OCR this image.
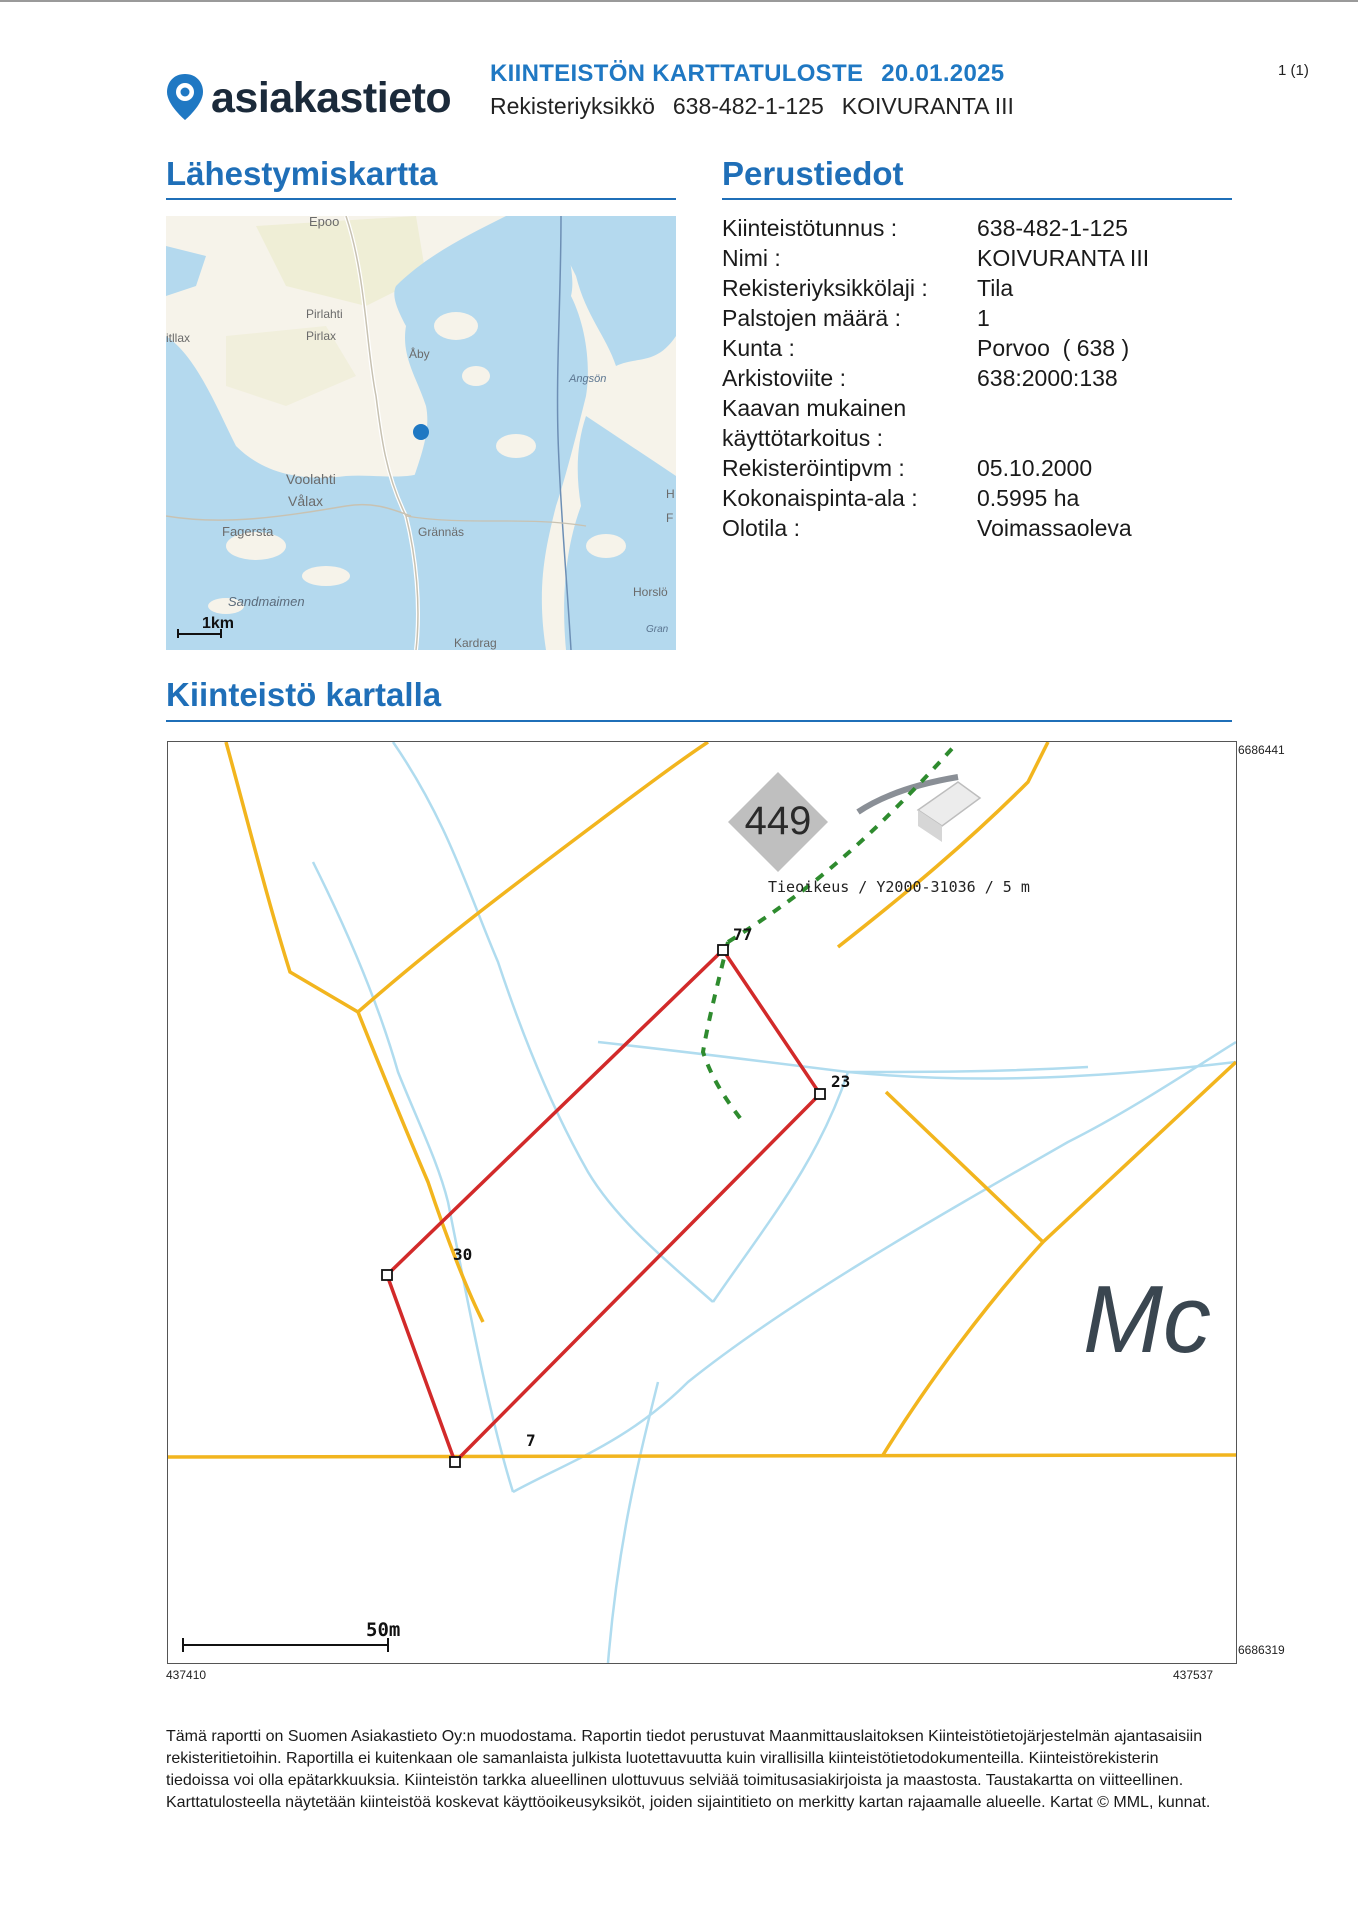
asiakastieto KIINTEISTÖN KARTTATULOSTE 20.01.2025
Rekisteriyksikkö 638-482-1-125 KOIVURANTA III
1 (1)
Lähestymiskartta	Perustiedot
Kiinteistötunnus :	638-482-1-125
Nimi :	KOIVURANTA III
Rekisteriyksikkölaji :	Tila
Palstojen määrä :	1
Kunta :	Porvoo  ( 638 )
Arkistoviite :	638:2000:138
Kaavan mukainen
käyttötarkoitus :
Rekisteröintipvm :	05.10.2000
Kokonaispinta-ala :	0.5995 ha
Olotila :	Voimassaoleva
Epoo
Pirlahti
Pirlax
Åby
Angsön
Voolahti
Vålax
Fagersta	Grännäs
Horslö
Sandmaimen
Kardrag
Gran
itllax
H
F
1km
Kiinteistö kartalla
449
Tieoikeus / Y2000-31036 / 5 m
77
23
30
7
Mc
50m
6686441
6686319
437410	437537
Tämä raportti on Suomen Asiakastieto Oy:n muodostama. Raportin tiedot perustuvat Maanmittauslaitoksen Kiinteistötietojärjestelmän ajantasaisiin rekisteritietoihin. Raportilla ei kuitenkaan ole samanlaista julkista luotettavuutta kuin virallisilla kiinteistötietodokumenteilla. Kiinteistörekisterin tiedoissa voi olla epätarkkuuksia. Kiinteistön tarkka alueellinen ulottuvuus selviää toimitusasiakirjoista ja maastosta. Taustakartta on viitteellinen. Karttatulosteella näytetään kiinteistöä koskevat käyttöoikeusyksiköt, joiden sijaintitieto on merkitty kartan rajaamalle alueelle. Kartat © MML, kunnat.
